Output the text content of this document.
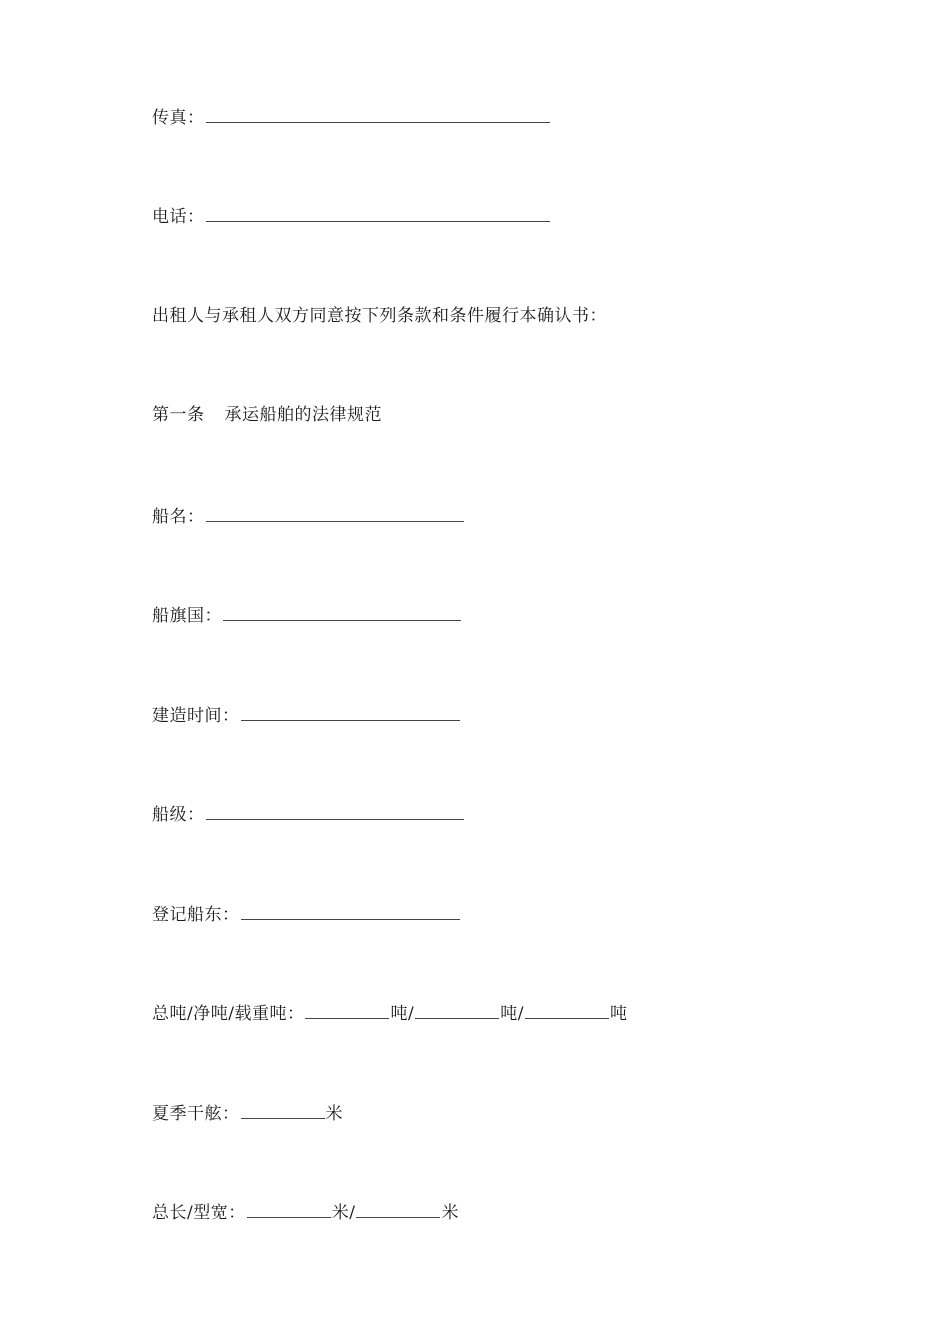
传真：
电话：
出租人与承租人双方同意按下列条款和条件履行本确认书：
第一条 承运船舶的法律规范
船名：
船旗国：
建造时间：
船级：
登记船东：
总吨/净吨/载重吨：	吨/	吨/	吨
夏季干舷：	米
总长/型宽：	米/	米
